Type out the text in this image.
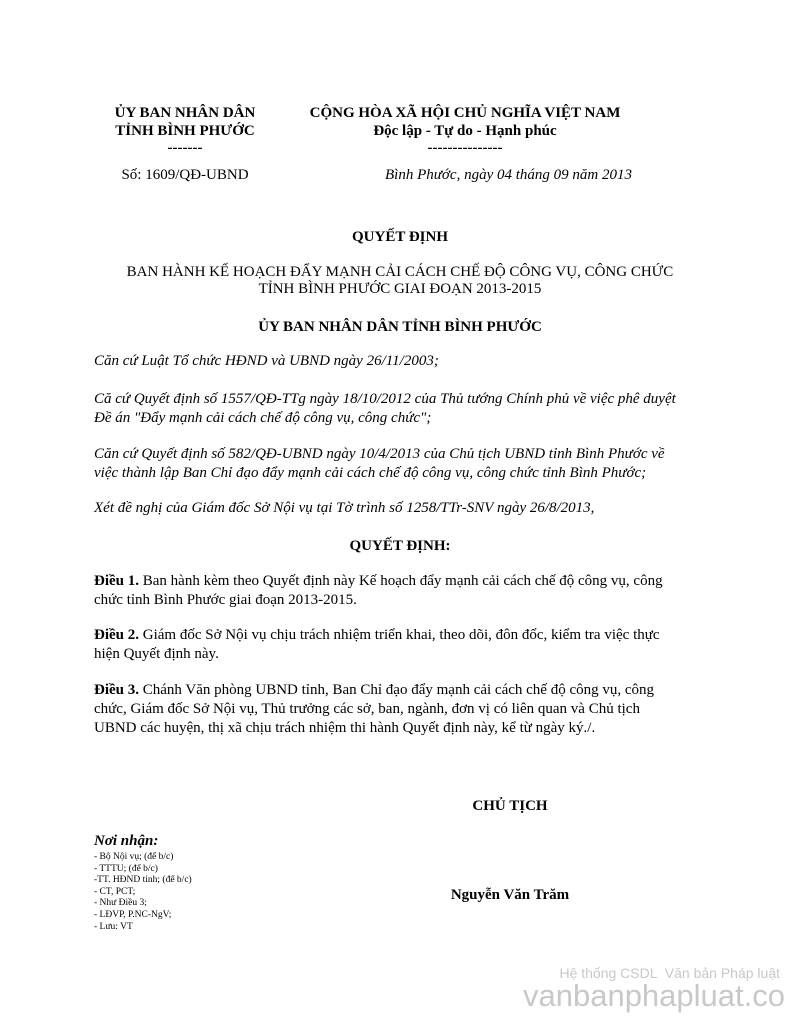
ỦY BAN NHÂN DÂN
TỈNH BÌNH PHƯỚC
-------
CỘNG HÒA XÃ HỘI CHỦ NGHĨA VIỆT NAM
Độc lập - Tự do - Hạnh phúc
---------------
Số: 1609/QĐ-UBND	Bình Phước, ngày 04 tháng 09 năm 2013
QUYẾT ĐỊNH
BAN HÀNH KẾ HOẠCH ĐẨY MẠNH CẢI CÁCH CHẾ ĐỘ CÔNG VỤ, CÔNG CHỨC
TỈNH BÌNH PHƯỚC GIAI ĐOẠN 2013-2015
ỦY BAN NHÂN DÂN TỈNH BÌNH PHƯỚC
Căn cứ Luật Tổ chức HĐND và UBND ngày 26/11/2003;
Că cứ Quyết định số 1557/QĐ-TTg ngày 18/10/2012 của Thủ tướng Chính phủ về việc phê duyệt
Đề án "Đẩy mạnh cải cách chế độ công vụ, công chức";
Căn cứ Quyết định số 582/QĐ-UBND ngày 10/4/2013 của Chủ tịch UBND tỉnh Bình Phước về
việc thành lập Ban Chỉ đạo đẩy mạnh cải cách chế độ công vụ, công chức tỉnh Bình Phước;
Xét đề nghị của Giám đốc Sở Nội vụ tại Tờ trình số 1258/TTr-SNV ngày 26/8/2013,
QUYẾT ĐỊNH:
Điều 1. Ban hành kèm theo Quyết định này Kế hoạch đẩy mạnh cải cách chế độ công vụ, công
chức tỉnh Bình Phước giai đoạn 2013-2015.
Điều 2. Giám đốc Sở Nội vụ chịu trách nhiệm triển khai, theo dõi, đôn đốc, kiểm tra việc thực
hiện Quyết định này.
Điều 3. Chánh Văn phòng UBND tỉnh, Ban Chỉ đạo đẩy mạnh cải cách chế độ công vụ, công
chức, Giám đốc Sở Nội vụ, Thủ trưởng các sở, ban, ngành, đơn vị có liên quan và Chủ tịch
UBND các huyện, thị xã chịu trách nhiệm thi hành Quyết định này, kể từ ngày ký./.
CHỦ TỊCH
Nguyễn Văn Trăm
Nơi nhận:
- Bộ Nội vụ; (để b/c)
- TTTU; (để b/c)
-TT. HĐND tỉnh; (để b/c)
- CT, PCT;
- Như Điều 3;
- LĐVP, P.NC-NgV;
- Lưu: VT
Hệ thống CSDL  Văn bản Pháp luật
vanbanphapluat.co
